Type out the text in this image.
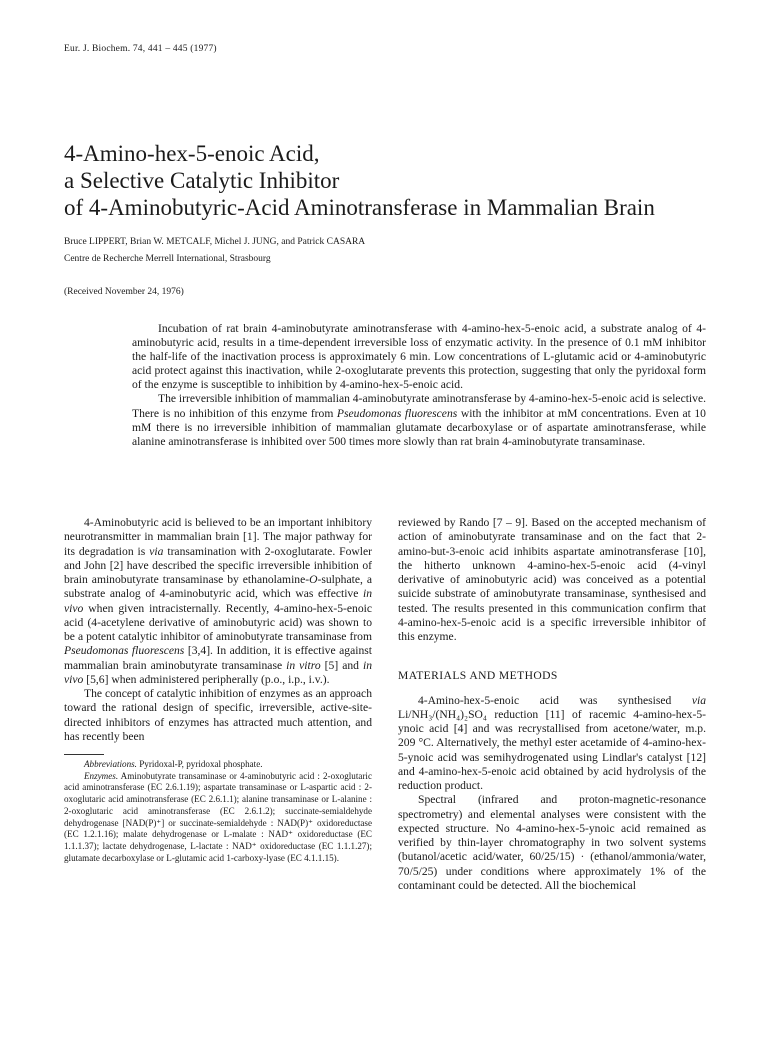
Eur. J. Biochem. 74, 441 – 445 (1977)
4-Amino-hex-5-enoic Acid,
a Selective Catalytic Inhibitor
of 4-Aminobutyric-Acid Aminotransferase in Mammalian Brain
Bruce LIPPERT, Brian W. METCALF, Michel J. JUNG, and Patrick CASARA
Centre de Recherche Merrell International, Strasbourg
(Received November 24, 1976)

Incubation of rat brain 4-aminobutyrate aminotransferase with 4-amino-hex-5-enoic acid, a substrate analog of 4-aminobutyric acid, results in a time-dependent irreversible loss of enzymatic activity. In the presence of 0.1 mM inhibitor the half-life of the inactivation process is approximately 6 min. Low concentrations of L-glutamic acid or 4-aminobutyric acid protect against this inactivation, while 2-oxoglutarate prevents this protection, suggesting that only the pyridoxal form of the enzyme is susceptible to inhibition by 4-amino-hex-5-enoic acid.

The irreversible inhibition of mammalian 4-aminobutyrate aminotransferase by 4-amino-hex-5-enoic acid is selective. There is no inhibition of this enzyme from Pseudomonas fluorescens with the inhibitor at mM concentrations. Even at 10 mM there is no irreversible inhibition of mammalian glutamate decarboxylase or of aspartate aminotransferase, while alanine aminotransferase is inhibited over 500 times more slowly than rat brain 4-aminobutyrate transaminase.

4-Aminobutyric acid is believed to be an important inhibitory neurotransmitter in mammalian brain [1]. The major pathway for its degradation is via transamination with 2-oxoglutarate. Fowler and John [2] have described the specific irreversible inhibition of brain aminobutyrate transaminase by ethanolamine-O-sulphate, a substrate analog of 4-aminobutyric acid, which was effective in vivo when given intracisternally. Recently, 4-amino-hex-5-enoic acid (4-acetylene derivative of aminobutyric acid) was shown to be a potent catalytic inhibitor of aminobutyrate transaminase from Pseudomonas fluorescens [3,4]. In addition, it is effective against mammalian brain aminobutyrate transaminase in vitro [5] and in vivo [5,6] when administered peripherally (p.o., i.p., i.v.).

The concept of catalytic inhibition of enzymes as an approach toward the rational design of specific, irreversible, active-site-directed inhibitors of enzymes has attracted much attention, and has recently been

Abbreviations. Pyridoxal-P, pyridoxal phosphate.

Enzymes. Aminobutyrate transaminase or 4-aminobutyric acid : 2-oxoglutaric acid aminotransferase (EC 2.6.1.19); aspartate transaminase or L-aspartic acid : 2-oxoglutaric acid aminotransferase (EC 2.6.1.1); alanine transaminase or L-alanine : 2-oxoglutaric acid aminotransferase (EC 2.6.1.2); succinate-semialdehyde dehydrogenase [NAD(P)⁺] or succinate-semialdehyde : NAD(P)⁺ oxidoreductase (EC 1.2.1.16); malate dehydrogenase or L-malate : NAD⁺ oxidoreductase (EC 1.1.1.37); lactate dehydrogenase, L-lactate : NAD⁺ oxidoreductase (EC 1.1.1.27); glutamate decarboxylase or L-glutamic acid 1-carboxy-lyase (EC 4.1.1.15).

reviewed by Rando [7 – 9]. Based on the accepted mechanism of action of aminobutyrate transaminase and on the fact that 2-amino-but-3-enoic acid inhibits aspartate aminotransferase [10], the hitherto unknown 4-amino-hex-5-enoic acid (4-vinyl derivative of aminobutyric acid) was conceived as a potential suicide substrate of aminobutyrate transaminase, synthesised and tested. The results presented in this communication confirm that 4-amino-hex-5-enoic acid is a specific irreversible inhibitor of this enzyme.

MATERIALS AND METHODS

4-Amino-hex-5-enoic acid was synthesised via Li/NH₃/(NH₄)₂SO₄ reduction [11] of racemic 4-amino-hex-5-ynoic acid [4] and was recrystallised from acetone/water, m.p. 209 °C. Alternatively, the methyl ester acetamide of 4-amino-hex-5-ynoic acid was semihydrogenated using Lindlar's catalyst [12] and 4-amino-hex-5-enoic acid obtained by acid hydrolysis of the reduction product.

Spectral (infrared and proton-magnetic-resonance spectrometry) and elemental analyses were consistent with the expected structure. No 4-amino-hex-5-ynoic acid remained as verified by thin-layer chromatography in two solvent systems (butanol/acetic acid/water, 60/25/15) · (ethanol/ammonia/water, 70/5/25) under conditions where approximately 1% of the contaminant could be detected. All the biochemical
